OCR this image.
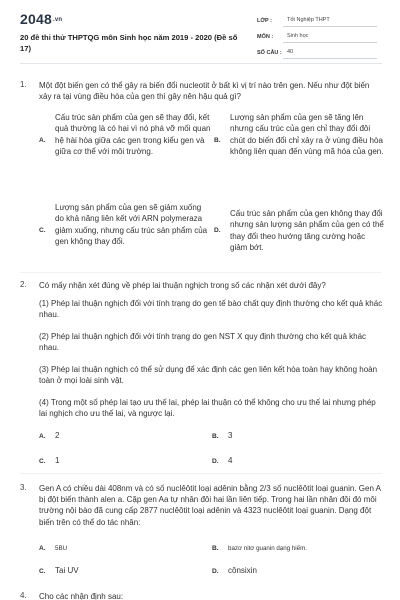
2048.vn
20 đề thi thử THPTQG môn Sinh học năm 2019 - 2020 (Đề số 17)
LỚP :	Tốt Nghiệp THPT
MÔN :	Sinh học
SỐ CÂU : 40
1. Một đột biến gen có thể gây ra biến đổi nucleotit ở bất kì vị trí nào trên gen. Nếu như đột biến xảy ra tại vùng điều hòa của gen thì gây nên hậu quả gì?
A.
Cấu trúc sản phẩm của gen sẽ thay đổi, kết quả thường là có hại vì nó phá vỡ mối quan hệ hài hòa giữa các gen trong kiểu gen và giữa cơ thể với môi trường.
B.
Lượng sản phẩm của gen sẽ tăng lên nhưng cấu trúc của gen chỉ thay đổi đôi chút do biến đổi chỉ xảy ra ở vùng điều hòa không liên quan đến vùng mã hóa của gen.
C.
Lượng sản phẩm của gen sẽ giảm xuống do khả năng liên kết với ARN polymeraza giảm xuống, nhưng cấu trúc sản phẩm của gen không thay đổi.
D.
Cấu trúc sản phẩm của gen không thay đổi nhưng sản lượng sản phẩm của gen có thể thay đổi theo hướng tăng cường hoặc giảm bớt.
2. Có mấy nhận xét đúng về phép lai thuận nghịch trong số các nhận xét dưới đây?
(1) Phép lai thuận nghịch đối với tính trạng do gen tế bào chất quy định thường cho kết quả khác nhau.
(2) Phép lai thuận nghịch đối với tính trạng do gen NST X quy định thường cho kết quả khác nhau.
(3) Phép lai thuận nghịch có thể sử dụng để xác định các gen liên kết hòa toàn hay không hoàn toàn ở mọi loài sinh vật.
(4) Trong một số phép lai tạo ưu thế lai, phép lai thuận có thể không cho ưu thế lai nhưng phép lai nghịch cho ưu thế lai, và ngược lại.
A. 2	B. 3
C. 1	D. 4
3. Gen A có chiều dài 408nm và có số nuclêôtit loại adênin bằng 2/3 số nuclêôtit loại guanin. Gen A bị đột biến thành alen a. Cặp gen Aa tự nhân đôi hai lần liên tiếp. Trong hai lần nhân đôi đó môi trường nội bào đã cung cấp 2877 nuclêôtit loại adênin và 4323 nuclêôtit loại guanin. Dạng đột biến trên có thể do tác nhân:
A. 5BU	B. bazơ nitơ guanin dạng hiếm.
C. Tai UV	D. cônsixin
4. Cho các nhận định sau:
